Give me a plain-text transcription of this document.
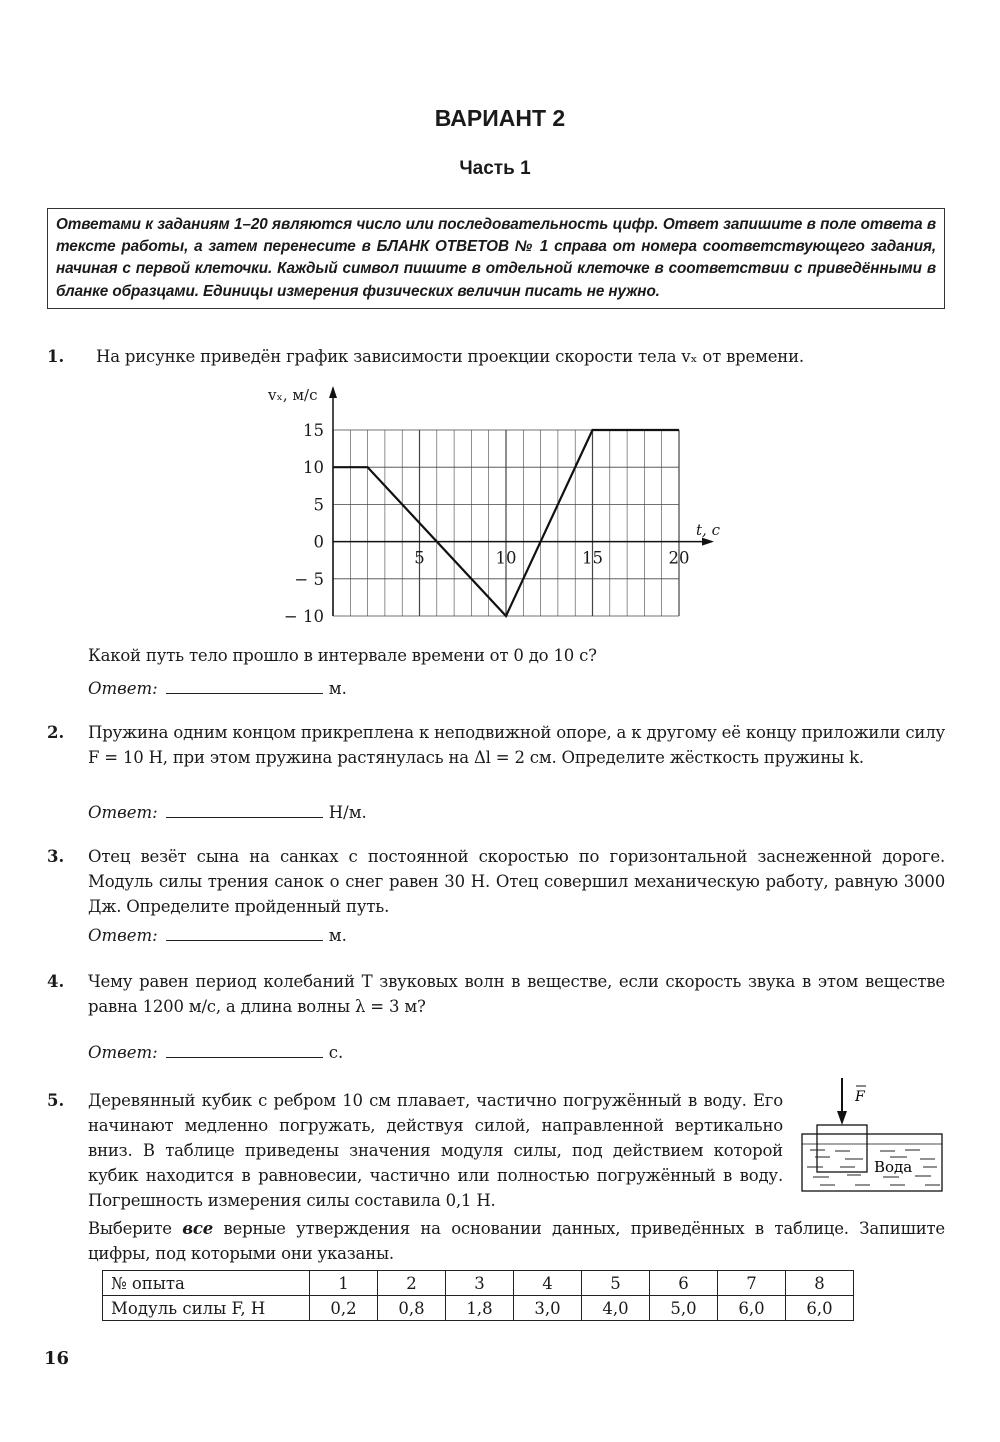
ВАРИАНТ 2
Часть 1
Ответами к заданиям 1–20 являются число или последовательность цифр. Ответ запишите в поле ответа в тексте работы, а затем перенесите в БЛАНК ОТВЕТОВ № 1 справа от номера соответствующего задания, начиная с первой клеточки. Каждый символ пишите в отдельной клеточке в соответствии с приведёнными в бланке образцами. Единицы измерения физических величин писать не нужно.
1. На рисунке приведён график зависимости проекции скорости тела vₓ от времени.
15
10
5
0
− 5
− 10
5	10	15	20
vₓ, м/с
t, c
Какой путь тело прошло в интервале времени от 0 до 10 с?
Ответ:	м.
2. Пружина одним концом прикреплена к неподвижной опоре, а к другому её концу приложили силу F = 10 Н, при этом пружина растянулась на Δl = 2 см. Определите жёсткость пружины k.
Ответ:	Н/м.
3. Отец везёт сына на санках с постоянной скоростью по горизонтальной заснеженной дороге. Модуль силы трения санок о снег равен 30 Н. Отец совершил механическую работу, равную 3000 Дж. Определите пройденный путь.
Ответ:	м.
4. Чему равен период колебаний T звуковых волн в веществе, если скорость звука в этом веществе равна 1200 м/с, а длина волны λ = 3 м?
Ответ:	с.
5. Деревянный кубик с ребром 10 см плавает, частично погружённый в воду. Его начинают медленно погружать, действуя силой, направленной вертикально вниз. В таблице приведены значения модуля силы, под действием которой кубик находится в равновесии, частично или полностью погружённый в воду. Погрешность измерения силы составила 0,1 Н.
F
Вода
Выберите все верные утверждения на основании данных, приведённых в таблице. Запишите цифры, под которыми они указаны.
№ опыта	1	2	3	4	5	6	7	8
Модуль силы F, Н	0,2	0,8	1,8	3,0	4,0	5,0	6,0	6,0
16
